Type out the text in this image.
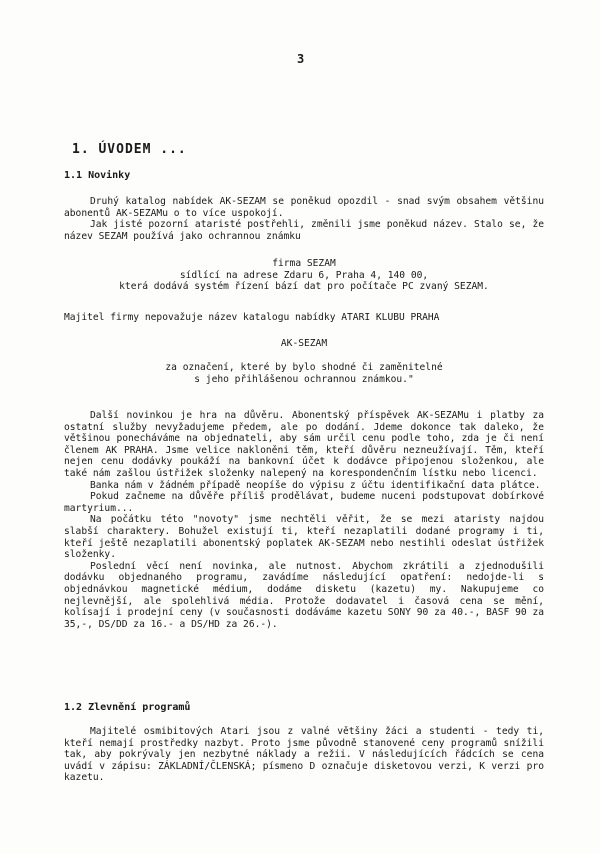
3
1. ÚVODEM ...
1.1 Novinky

Druhý katalog nabídek AK-SEZAM se poněkud opozdil - snad svým obsahem většinu abonentů AK-SEZAMu o to více uspokojí.

Jak jisté pozorní ataristé postřehli, změnili jsme poněkud název. Stalo se, že název SEZAM používá jako ochrannou známku

firma SEZAM

sídlící na adrese Zdaru 6, Praha 4, 140 00,

která dodává systém řízení bází dat pro počítače PC zvaný SEZAM.

Majitel firmy nepovažuje název katalogu nabídky ATARI KLUBU PRAHA
AK-SEZAM

za označení, které by bylo shodné či zaměnitelné

s jeho přihlášenou ochrannou známkou."

Další novinkou je hra na důvěru. Abonentský příspěvek AK-SEZAMu i platby za ostatní služby nevyžadujeme předem, ale po dodání. Jdeme dokonce tak daleko, že většinou ponecháváme na objednateli, aby sám určil cenu podle toho, zda je či není členem AK PRAHA. Jsme velice nakloněni těm, kteří důvěru nezneužívají. Těm, kteří nejen cenu dodávky poukáží na bankovní účet k dodávce připojenou složenkou, ale také nám zašlou ústřižek složenky nalepený na korespondenčním lístku nebo licenci.

Banka nám v žádném případě neopíše do výpisu z účtu identifikační data plátce.

Pokud začneme na důvěře příliš prodělávat, budeme nuceni podstupovat dobírkové martyrium...

Na počátku této "novoty" jsme nechtěli věřit, že se mezi ataristy najdou slabší charaktery. Bohužel existují ti, kteří nezaplatili dodané programy i ti, kteří ještě nezaplatili abonentský poplatek AK-SEZAM nebo nestihli odeslat ústřižek složenky.

Poslední věcí není novinka, ale nutnost. Abychom zkrátili a zjednodušili dodávku objednaného programu, zavádíme následující opatření: nedojde-li s objednávkou magnetické médium, dodáme disketu (kazetu) my. Nakupujeme co nejlevnější, ale spolehlivá média. Protože dodavatel i časová cena se mění, kolísají i prodejní ceny (v současnosti dodáváme kazetu SONY 90 za 40.-, BASF 90 za 35,-, DS/DD za 16.- a DS/HD za 26.-).

1.2 Zlevnění programů

Majitelé osmibitových Atari jsou z valné většiny žáci a studenti - tedy ti, kteří nemají prostředky nazbyt. Proto jsme původně stanovené ceny programů snížili tak, aby pokrývaly jen nezbytné náklady a režii. V následujících řádcích se cena uvádí v zápisu: ZÁKLADNÍ/ČLENSKÁ; písmeno D označuje disketovou verzi, K verzi pro kazetu.
